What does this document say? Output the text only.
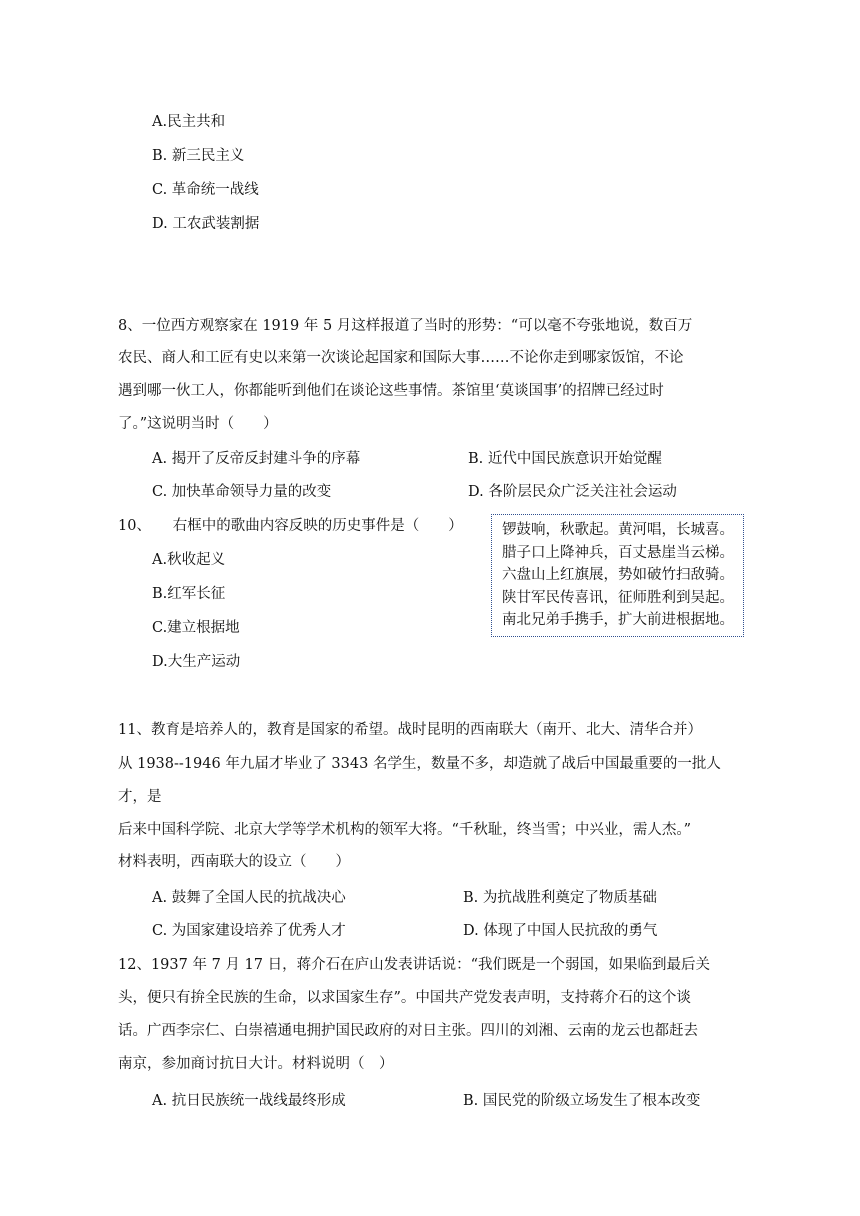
A.民主共和
B. 新三民主义
C. 革命统一战线
D. 工农武装割据
8、一位西方观察家在 1919 年 5 月这样报道了当时的形势：“可以毫不夸张地说，数百万
农民、商人和工匠有史以来第一次谈论起国家和国际大事……不论你走到哪家饭馆，不论
遇到哪一伙工人，你都能听到他们在谈论这些事情。茶馆里‘莫谈国事’的招牌已经过时
了。”这说明当时（　　）
A. 揭开了反帝反封建斗争的序幕	B. 近代中国民族意识开始觉醒
C. 加快革命领导力量的改变	D. 各阶层民众广泛关注社会运动
10、　　右框中的歌曲内容反映的历史事件是（　　）
A.秋收起义
B.红军长征
C.建立根据地
D.大生产运动
锣鼓响，秋歌起。黄河唱，长城喜。
腊子口上降神兵，百丈悬崖当云梯。
六盘山上红旗展，势如破竹扫敌骑。
陕甘军民传喜讯，征师胜利到吴起。
南北兄弟手携手，扩大前进根据地。
11、教育是培养人的，教育是国家的希望。战时昆明的西南联大（南开、北大、清华合并）
从 1938--1946 年九届才毕业了 3343 名学生，数量不多，却造就了战后中国最重要的一批人
才，是
后来中国科学院、北京大学等学术机构的领军大将。“千秋耻，终当雪；中兴业，需人杰。”
材料表明，西南联大的设立（　　）
A. 鼓舞了全国人民的抗战决心	B. 为抗战胜利奠定了物质基础
C. 为国家建设培养了优秀人才	D. 体现了中国人民抗敌的勇气
12、1937 年 7 月 17 日，蒋介石在庐山发表讲话说：“我们既是一个弱国，如果临到最后关
头，便只有拚全民族的生命，以求国家生存”。中国共产党发表声明，支持蒋介石的这个谈
话。广西李宗仁、白崇禧通电拥护国民政府的对日主张。四川的刘湘、云南的龙云也都赶去
南京，参加商讨抗日大计。材料说明（　）
A. 抗日民族统一战线最终形成	B. 国民党的阶级立场发生了根本改变
